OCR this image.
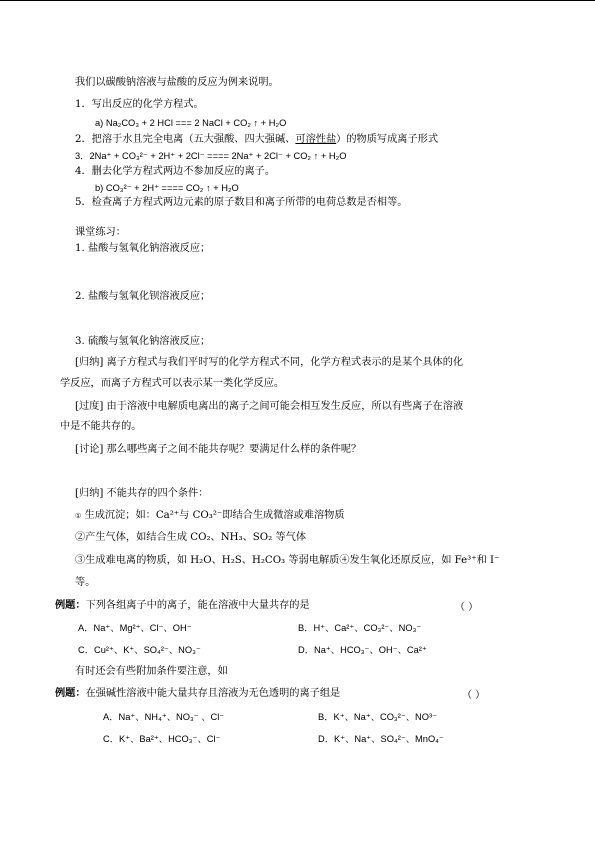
我们以碳酸钠溶液与盐酸的反应为例来说明。
1．写出反应的化学方程式。
a) Na₂CO₃ + 2 HCl === 2 NaCl + CO₂ ↑ + H₂O
2．把溶于水且完全电离（五大强酸、四大强碱、可溶性盐）的物质写成离子形式
3．2Na⁺ + CO₃²⁻ + 2H⁺ + 2Cl⁻ ==== 2Na⁺ + 2Cl⁻ + CO₂ ↑ + H₂O
4．删去化学方程式两边不参加反应的离子。
b) CO₃²⁻ + 2H⁺ ==== CO₂ ↑ + H₂O
5．检查离子方程式两边元素的原子数目和离子所带的电荷总数是否相等。
课堂练习：
1. 盐酸与氢氧化钠溶液反应；
2. 盐酸与氢氧化钡溶液反应；
3. 硫酸与氢氧化钠溶液反应；
[归纳] 离子方程式与我们平时写的化学方程式不同，化学方程式表示的是某个具体的化
学反应，而离子方程式可以表示某一类化学反应。
[过度] 由于溶液中电解质电离出的离子之间可能会相互发生反应，所以有些离子在溶液
中是不能共存的。
[讨论] 那么哪些离子之间不能共存呢？要满足什么样的条件呢？
[归纳] 不能共存的四个条件：
① 生成沉淀；如：Ca²⁺与 CO₃²⁻即结合生成微溶或难溶物质
②产生气体，如结合生成 CO₂、NH₃、SO₂ 等气体
③生成难电离的物质，如 H₂O、H₂S、H₂CO₃ 等弱电解质④发生氧化还原反应，如 Fe³⁺和 I⁻
等。
例题：下列各组离子中的离子，能在溶液中大量共存的是	（ ）
A．Na⁺、Mg²⁺、Cl⁻、OH⁻	B．H⁺、Ca²⁺、CO₃²⁻、NO₃⁻
C．Cu²⁺、K⁺、SO₄²⁻、NO₃⁻	D．Na⁺、HCO₃⁻、OH⁻、Ca²⁺
有时还会有些附加条件要注意，如
例题：在强碱性溶液中能大量共存且溶液为无色透明的离子组是	（ ）
A．Na⁺、NH₄⁺、NO₃⁻ 、Cl⁻	B．K⁺、Na⁺、CO₃²⁻、NO³⁻
C．K⁺、Ba²⁺、HCO₃⁻、Cl⁻	D．K⁺、Na⁺、SO₄²⁻、MnO₄⁻
